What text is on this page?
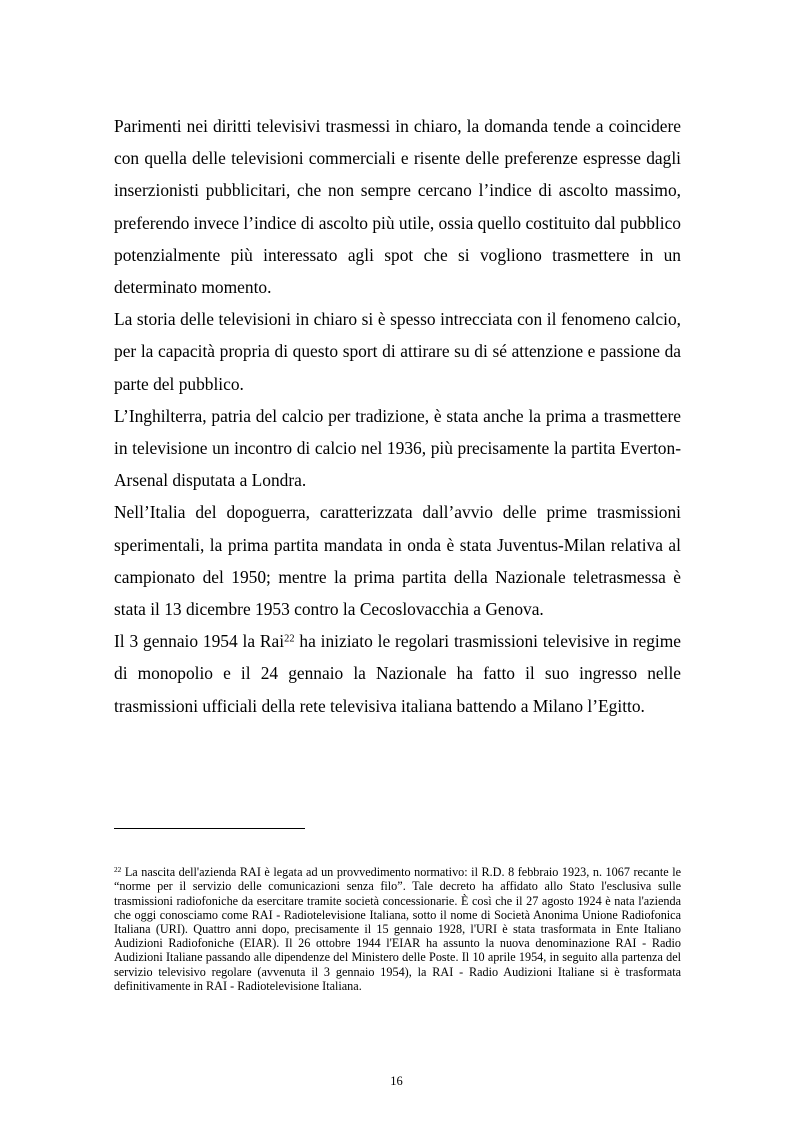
Parimenti nei diritti televisivi trasmessi in chiaro, la domanda tende a coincidere con quella delle televisioni commerciali e risente delle preferenze espresse dagli inserzionisti pubblicitari, che non sempre cercano l’indice di ascolto massimo, preferendo invece l’indice di ascolto più utile, ossia quello costituito dal pubblico potenzialmente più interessato agli spot che si vogliono trasmettere in un determinato momento.

La storia delle televisioni in chiaro si è spesso intrecciata con il fenomeno calcio, per la capacità propria di questo sport di attirare su di sé attenzione e passione da parte del pubblico.

L’Inghilterra, patria del calcio per tradizione, è stata anche la prima a trasmettere in televisione un incontro di calcio nel 1936, più precisamente la partita Everton-Arsenal disputata a Londra.

Nell’Italia del dopoguerra, caratterizzata dall’avvio delle prime trasmissioni sperimentali, la prima partita mandata in onda è stata Juventus-Milan relativa al campionato del 1950; mentre la prima partita della Nazionale teletrasmessa è stata il 13 dicembre 1953 contro la Cecoslovacchia a Genova.

Il 3 gennaio 1954 la Rai$^{22}$ ha iniziato le regolari trasmissioni televisive in regime di monopolio e il 24 gennaio la Nazionale ha fatto il suo ingresso nelle trasmissioni ufficiali della rete televisiva italiana battendo a Milano l’Egitto.

$^{22}$ La nascita dell'azienda RAI è legata ad un provvedimento normativo: il R.D. 8 febbraio 1923, n. 1067 recante le “norme per il servizio delle comunicazioni senza filo”. Tale decreto ha affidato allo Stato l'esclusiva sulle trasmissioni radiofoniche da esercitare tramite società concessionarie. È così che il 27 agosto 1924 è nata l'azienda che oggi conosciamo come RAI - Radiotelevisione Italiana, sotto il nome di Società Anonima Unione Radiofonica Italiana (URI). Quattro anni dopo, precisamente il 15 gennaio 1928, l'URI è stata trasformata in Ente Italiano Audizioni Radiofoniche (EIAR). Il 26 ottobre 1944 l'EIAR ha assunto la nuova denominazione RAI - Radio Audizioni Italiane passando alle dipendenze del Ministero delle Poste. Il 10 aprile 1954, in seguito alla partenza del servizio televisivo regolare (avvenuta il 3 gennaio 1954), la RAI - Radio Audizioni Italiane si è trasformata definitivamente in RAI - Radiotelevisione Italiana.

16
